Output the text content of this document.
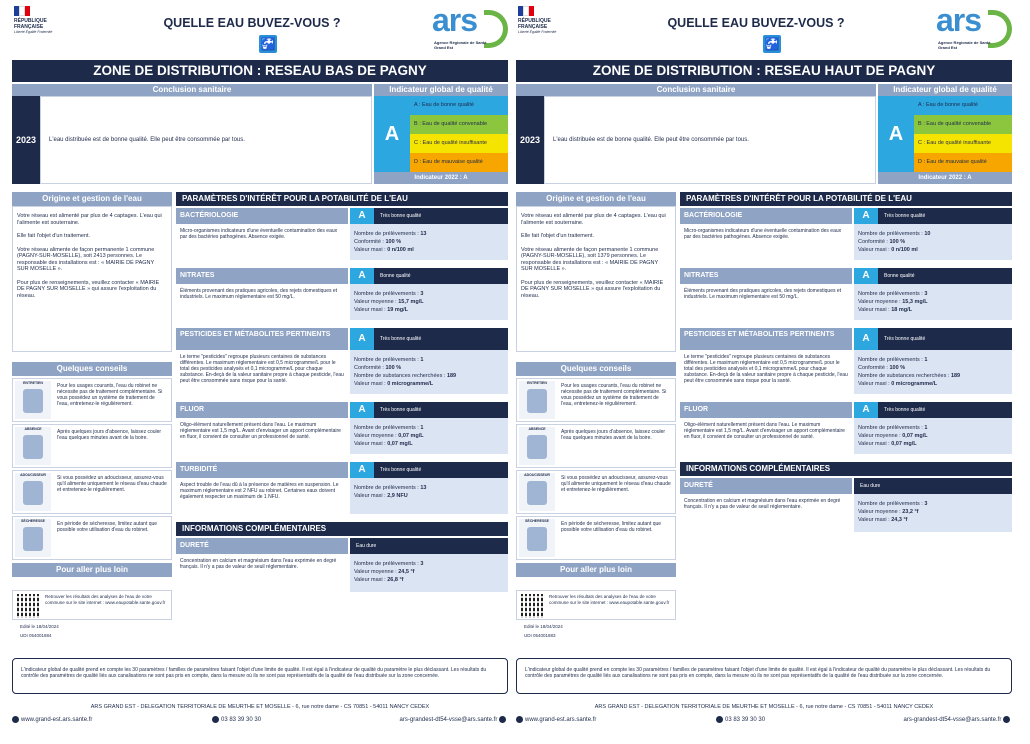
RÉPUBLIQUE FRANÇAISE
Liberté Égalité Fraternité
QUELLE EAU BUVEZ-VOUS ?
🚰
ars
Agence Régionale de Santé
Grand Est
ZONE DE DISTRIBUTION : RESEAU BAS DE PAGNY
Conclusion sanitaire	Indicateur global de qualité
2023	L'eau distribuée est de bonne qualité. Elle peut être consommée par tous.	A
A : Eau de bonne qualité
B : Eau de qualité convenable
C : Eau de qualité insuffisante
D : Eau de mauvaise qualité
Indicateur 2022 : A
Origine et gestion de l'eau

Votre réseau est alimenté par plus de 4 captages. L'eau qui l'alimente est souterraine.

Elle fait l'objet d'un traitement.

Votre réseau alimente de façon permanente 1 commune (PAGNY-SUR-MOSELLE), soit 2413 personnes. Le responsable des installations est : « MAIRIE DE PAGNY SUR MOSELLE ».

Pour plus de renseignements, veuillez contacter « MAIRIE DE PAGNY SUR MOSELLE » qui assure l'exploitation du réseau.

Quelques conseils
ENTRETIEN	Pour les usages courants, l'eau du robinet ne nécessite pas de traitement complémentaire. Si vous possédez un système de traitement de l'eau, entretenez-le régulièrement.
ABSENCE	Après quelques jours d'absence, laissez couler l'eau quelques minutes avant de la boire.
ADOUCISSEUR	Si vous possédez un adoucisseur, assurez-vous qu'il alimente uniquement le réseau d'eau chaude et entretenez-le régulièrement.
SÉCHERESSE	En période de sécheresse, limitez autant que possible votre utilisation d'eau du robinet.
Pour aller plus loin
Retrouver les résultats des analyses de l'eau de votre commune sur le site internet : www.eaupotable.sante.gouv.fr
Edité le 18/04/2024
UDI 054001884
PARAMÈTRES D'INTÉRÊT POUR LA POTABILITÉ DE L'EAU
BACTÉRIOLOGIE	A	Très bonne qualité
Micro-organismes indicateurs d'une éventuelle contamination des eaux par des bactéries pathogènes. Absence exigée.	Nombre de prélèvements : 13
Conformité : 100 %
Valeur maxi : 0 n/100 ml
NITRATES	A	Bonne qualité
Éléments provenant des pratiques agricoles, des rejets domestiques et industriels. Le maximum réglementaire est 50 mg/L.	Nombre de prélèvements : 3
Valeur moyenne : 15,7 mg/L
Valeur maxi : 19 mg/L
PESTICIDES ET MÉTABOLITES PERTINENTS	A	Très bonne qualité
Le terme "pesticides" regroupe plusieurs centaines de substances différentes. Le maximum réglementaire est 0,5 microgramme/L pour le total des pesticides analysés et 0,1 microgramme/L pour chaque substance. En-deçà de la valeur sanitaire propre à chaque pesticide, l'eau peut être consommée sans risque pour la santé.
Nombre de prélèvements : 1
Conformité : 100 %
Nombre de substances recherchées : 189
Valeur maxi : 0 microgramme/L
FLUOR	A	Très bonne qualité
Oligo-élément naturellement présent dans l'eau. Le maximum réglementaire est 1,5 mg/L. Avant d'envisager un apport complémentaire en fluor, il convient de consulter un professionnel de santé.
Nombre de prélèvements : 1
Valeur moyenne : 0,07 mg/L
Valeur maxi : 0,07 mg/L
TURBIDITÉ	A	Très bonne qualité
Aspect trouble de l'eau dû à la présence de matières en suspension. Le maximum réglementaire est 2 NFU au robinet. Certaines eaux doivent également respecter un maximum de 1 NFU.
Nombre de prélèvements : 13
Valeur maxi : 2,9 NFU
INFORMATIONS COMPLÉMENTAIRES
DURETÉ	Eau dure
Concentration en calcium et magnésium dans l'eau exprimée en degré français. Il n'y a pas de valeur de seuil réglementaire.	Nombre de prélèvements : 3
Valeur moyenne : 24,5 °f
Valeur maxi : 26,8 °f
L'indicateur global de qualité prend en compte les 30 paramètres / familles de paramètres faisant l'objet d'une limite de qualité. Il est égal à l'indicateur de qualité du paramètre le plus déclassant. Les résultats du contrôle des paramètres de qualité liés aux canalisations ne sont pas pris en compte, dans la mesure où ils ne sont pas représentatifs de la qualité de l'eau distribuée sur la zone concernée.
ARS GRAND EST - DELEGATION TERRITORIALE DE MEURTHE ET MOSELLE - 6, rue notre dame - CS 70851 - 54011 NANCY CEDEX
www.grand-est.ars.sante.fr	03 83 39 30 30	ars-grandest-dt54-vsse@ars.sante.fr
RÉPUBLIQUE FRANÇAISE
Liberté Égalité Fraternité
QUELLE EAU BUVEZ-VOUS ?
🚰
ars
Agence Régionale de Santé
Grand Est
ZONE DE DISTRIBUTION : RESEAU HAUT DE PAGNY
Conclusion sanitaire	Indicateur global de qualité
2023	L'eau distribuée est de bonne qualité. Elle peut être consommée par tous.	A
A : Eau de bonne qualité
B : Eau de qualité convenable
C : Eau de qualité insuffisante
D : Eau de mauvaise qualité
Indicateur 2022 : A
Origine et gestion de l'eau

Votre réseau est alimenté par plus de 4 captages. L'eau qui l'alimente est souterraine.

Elle fait l'objet d'un traitement.

Votre réseau alimente de façon permanente 1 commune (PAGNY-SUR-MOSELLE), soit 1379 personnes. Le responsable des installations est : « MAIRIE DE PAGNY SUR MOSELLE ».

Pour plus de renseignements, veuillez contacter « MAIRIE DE PAGNY SUR MOSELLE » qui assure l'exploitation du réseau.

Quelques conseils
ENTRETIEN	Pour les usages courants, l'eau du robinet ne nécessite pas de traitement complémentaire. Si vous possédez un système de traitement de l'eau, entretenez-le régulièrement.
ABSENCE	Après quelques jours d'absence, laissez couler l'eau quelques minutes avant de la boire.
ADOUCISSEUR	Si vous possédez un adoucisseur, assurez-vous qu'il alimente uniquement le réseau d'eau chaude et entretenez-le régulièrement.
SÉCHERESSE	En période de sécheresse, limitez autant que possible votre utilisation d'eau du robinet.
Pour aller plus loin
Retrouver les résultats des analyses de l'eau de votre commune sur le site internet : www.eaupotable.sante.gouv.fr
Edité le 18/04/2024
UDI 054001883
PARAMÈTRES D'INTÉRÊT POUR LA POTABILITÉ DE L'EAU
BACTÉRIOLOGIE	A	Très bonne qualité
Micro-organismes indicateurs d'une éventuelle contamination des eaux par des bactéries pathogènes. Absence exigée.	Nombre de prélèvements : 10
Conformité : 100 %
Valeur maxi : 0 n/100 ml
NITRATES	A	Bonne qualité
Éléments provenant des pratiques agricoles, des rejets domestiques et industriels. Le maximum réglementaire est 50 mg/L.	Nombre de prélèvements : 3
Valeur moyenne : 15,3 mg/L
Valeur maxi : 18 mg/L
PESTICIDES ET MÉTABOLITES PERTINENTS	A	Très bonne qualité
Le terme "pesticides" regroupe plusieurs centaines de substances différentes. Le maximum réglementaire est 0,5 microgramme/L pour le total des pesticides analysés et 0,1 microgramme/L pour chaque substance. En-deçà de la valeur sanitaire propre à chaque pesticide, l'eau peut être consommée sans risque pour la santé.
Nombre de prélèvements : 1
Conformité : 100 %
Nombre de substances recherchées : 189
Valeur maxi : 0 microgramme/L
FLUOR	A	Très bonne qualité
Oligo-élément naturellement présent dans l'eau. Le maximum réglementaire est 1,5 mg/L. Avant d'envisager un apport complémentaire en fluor, il convient de consulter un professionnel de santé.
Nombre de prélèvements : 1
Valeur moyenne : 0,07 mg/L
Valeur maxi : 0,07 mg/L
INFORMATIONS COMPLÉMENTAIRES
DURETÉ	Eau dure
Concentration en calcium et magnésium dans l'eau exprimée en degré français. Il n'y a pas de valeur de seuil réglementaire.	Nombre de prélèvements : 3
Valeur moyenne : 23,2 °f
Valeur maxi : 24,3 °f
L'indicateur global de qualité prend en compte les 30 paramètres / familles de paramètres faisant l'objet d'une limite de qualité. Il est égal à l'indicateur de qualité du paramètre le plus déclassant. Les résultats du contrôle des paramètres de qualité liés aux canalisations ne sont pas pris en compte, dans la mesure où ils ne sont pas représentatifs de la qualité de l'eau distribuée sur la zone concernée.
ARS GRAND EST - DELEGATION TERRITORIALE DE MEURTHE ET MOSELLE - 6, rue notre dame - CS 70851 - 54011 NANCY CEDEX
www.grand-est.ars.sante.fr	03 83 39 30 30	ars-grandest-dt54-vsse@ars.sante.fr
